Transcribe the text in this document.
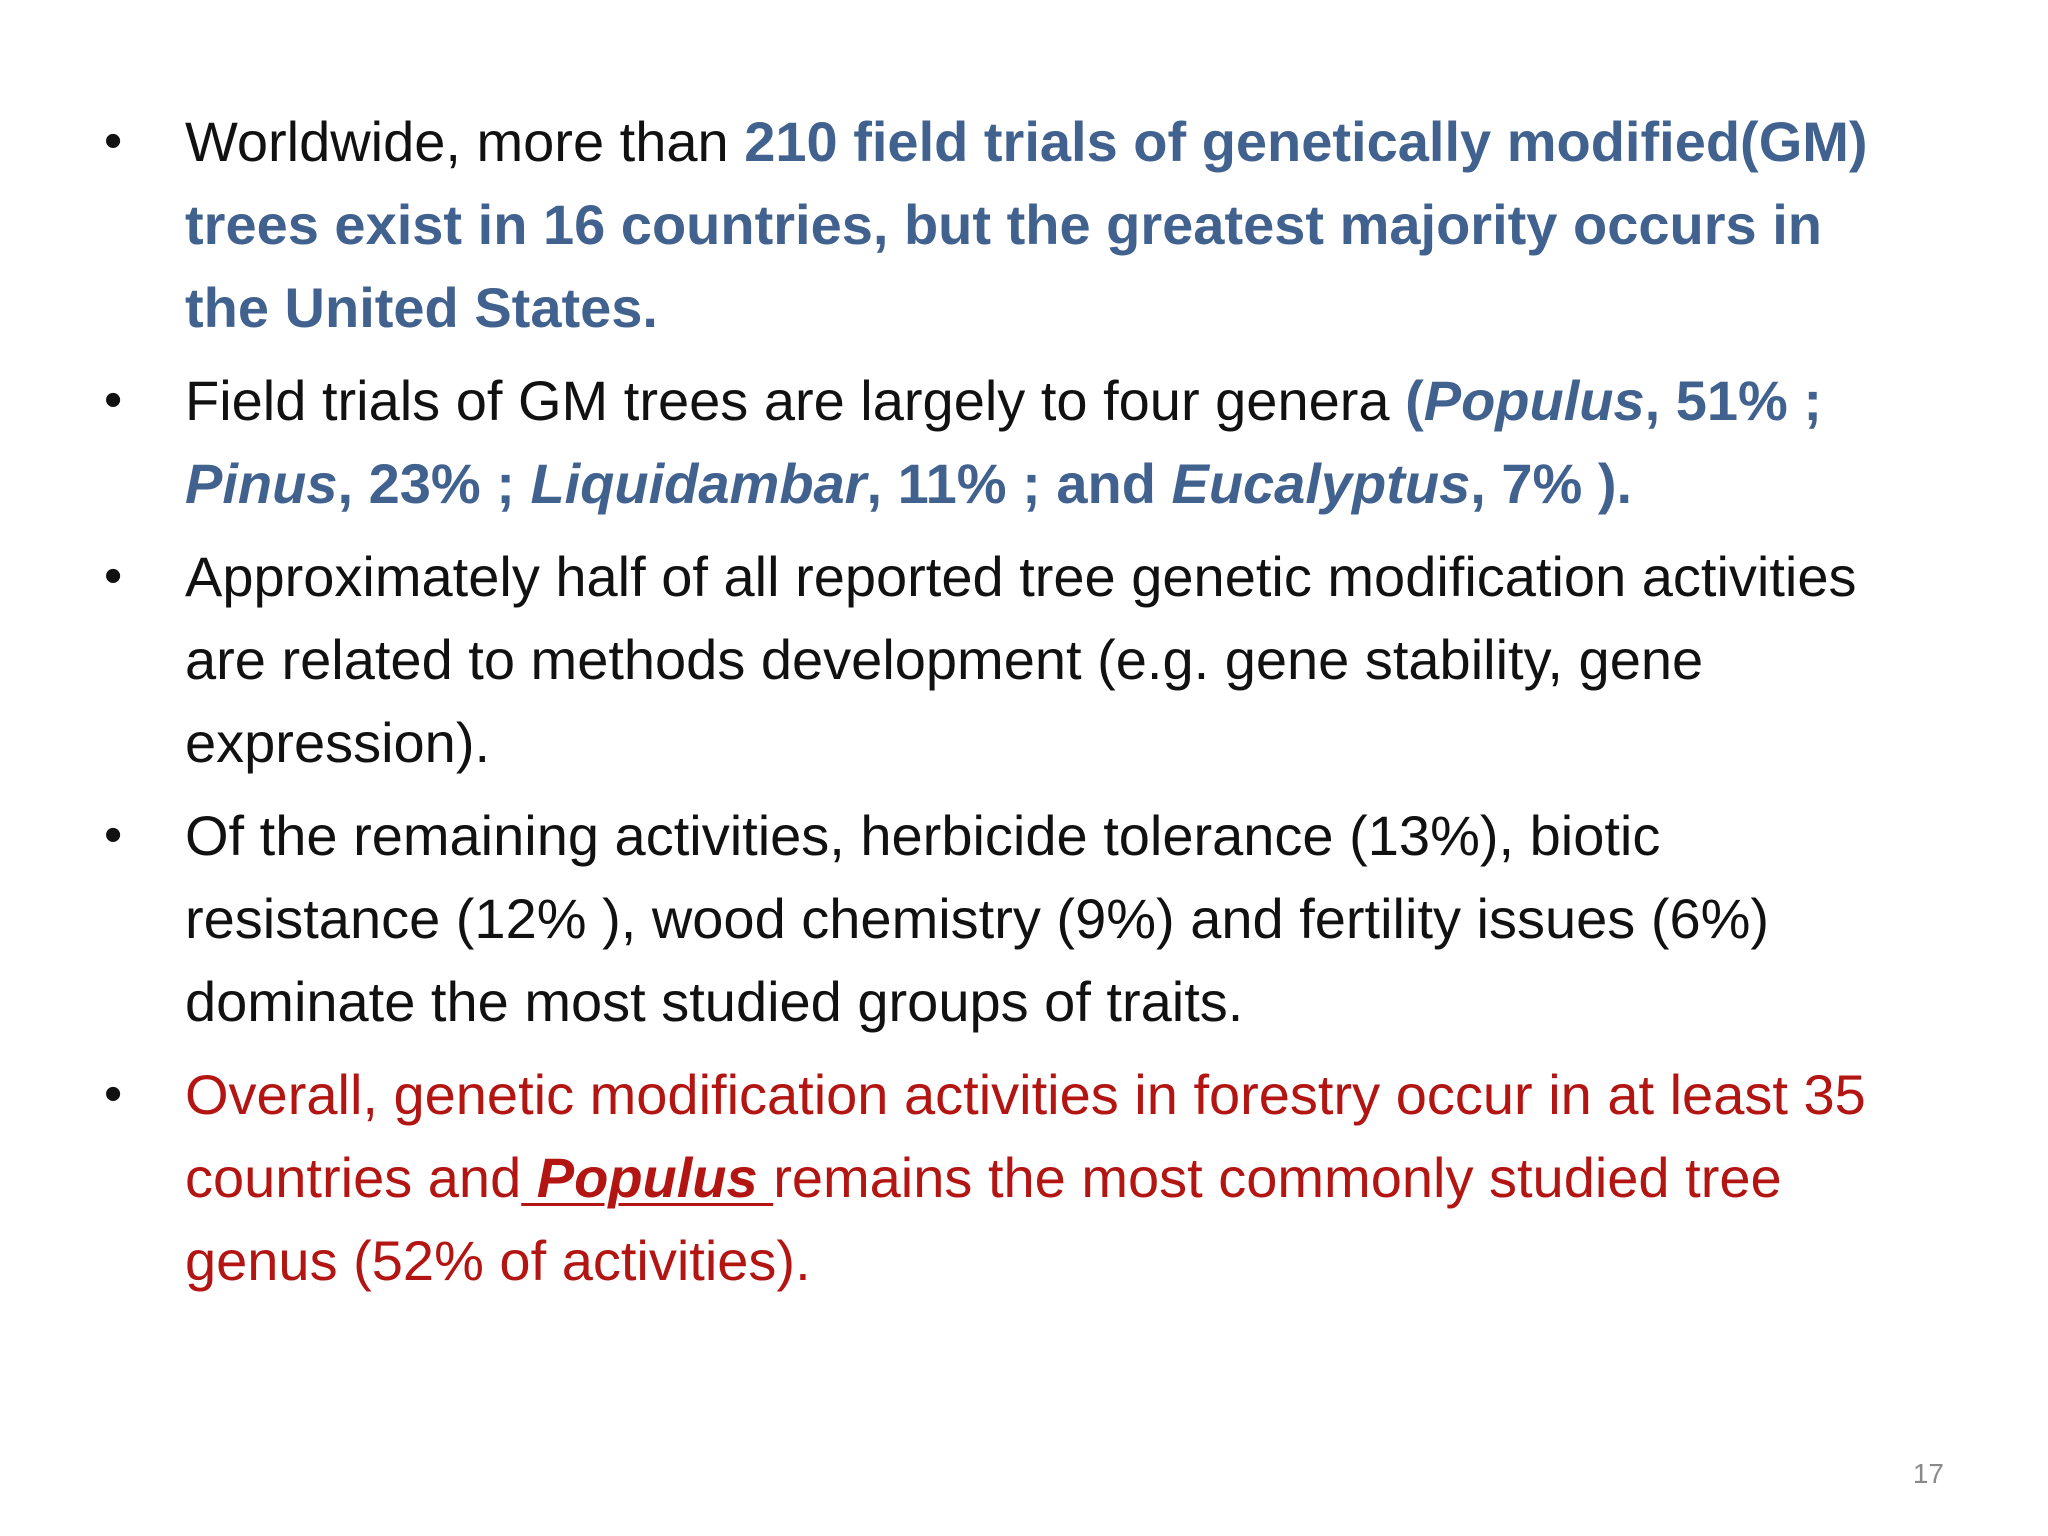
• Worldwide, more than 210 field trials of genetically modified(GM) trees exist in 16 countries, but the greatest majority occurs in the United States.
• Field trials of GM trees are largely to four genera (Populus, 51% ; Pinus, 23% ; Liquidambar, 11% ; and Eucalyptus, 7% ).
• Approximately half of all reported tree genetic modification activities are related to methods development (e.g. gene stability, gene expression).
• Of the remaining activities, herbicide tolerance (13%), biotic resistance (12% ), wood chemistry (9%) and fertility issues (6%) dominate the most studied groups of traits.
• Overall, genetic modification activities in forestry occur in at least 35 countries and Populus remains the most commonly studied tree genus (52% of activities).
17
